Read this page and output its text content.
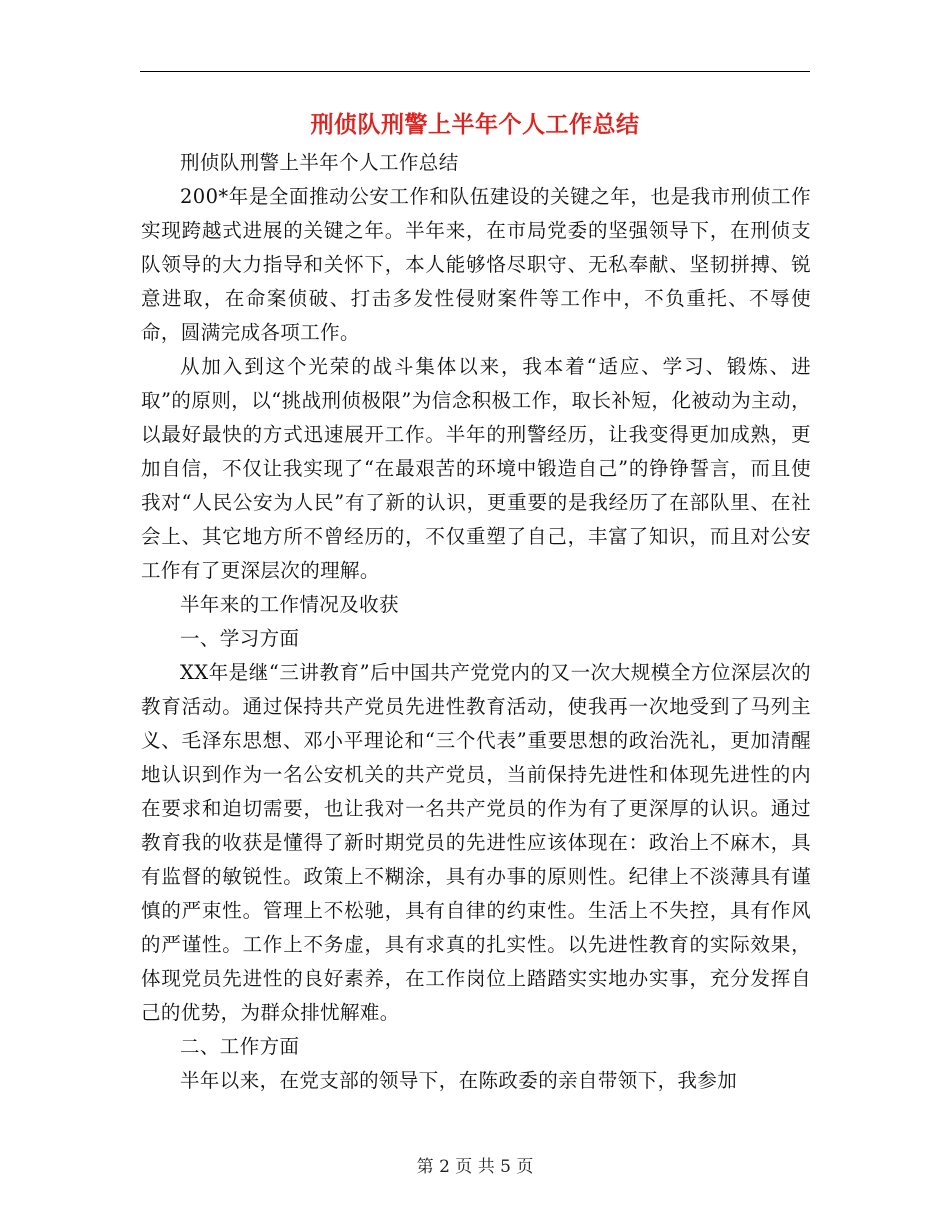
刑侦队刑警上半年个人工作总结

刑侦队刑警上半年个人工作总结

200*年是全面推动公安工作和队伍建设的关键之年，也是我市刑侦工作实现跨越式进展的关键之年。半年来，在市局党委的坚强领导下，在刑侦支队领导的大力指导和关怀下，本人能够恪尽职守、无私奉献、坚韧拼搏、锐意进取，在命案侦破、打击多发性侵财案件等工作中，不负重托、不辱使命，圆满完成各项工作。

从加入到这个光荣的战斗集体以来，我本着“适应、学习、锻炼、进取”的原则，以“挑战刑侦极限”为信念积极工作，取长补短，化被动为主动，以最好最快的方式迅速展开工作。半年的刑警经历，让我变得更加成熟，更加自信，不仅让我实现了“在最艰苦的环境中锻造自己”的铮铮誓言，而且使我对“人民公安为人民”有了新的认识，更重要的是我经历了在部队里、在社会上、其它地方所不曾经历的，不仅重塑了自己，丰富了知识，而且对公安工作有了更深层次的理解。

半年来的工作情况及收获

一、学习方面

XX年是继“三讲教育”后中国共产党党内的又一次大规模全方位深层次的教育活动。通过保持共产党员先进性教育活动，使我再一次地受到了马列主义、毛泽东思想、邓小平理论和“三个代表”重要思想的政治洗礼，更加清醒地认识到作为一名公安机关的共产党员，当前保持先进性和体现先进性的内在要求和迫切需要，也让我对一名共产党员的作为有了更深厚的认识。通过教育我的收获是懂得了新时期党员的先进性应该体现在：政治上不麻木，具有监督的敏锐性。政策上不糊涂，具有办事的原则性。纪律上不淡薄具有谨慎的严束性。管理上不松驰，具有自律的约束性。生活上不失控，具有作风的严谨性。工作上不务虚，具有求真的扎实性。以先进性教育的实际效果，体现党员先进性的良好素养，在工作岗位上踏踏实实地办实事，充分发挥自己的优势，为群众排忧解难。

二、工作方面

半年以来，在党支部的领导下，在陈政委的亲自带领下，我参加

第 2 页 共 5 页
